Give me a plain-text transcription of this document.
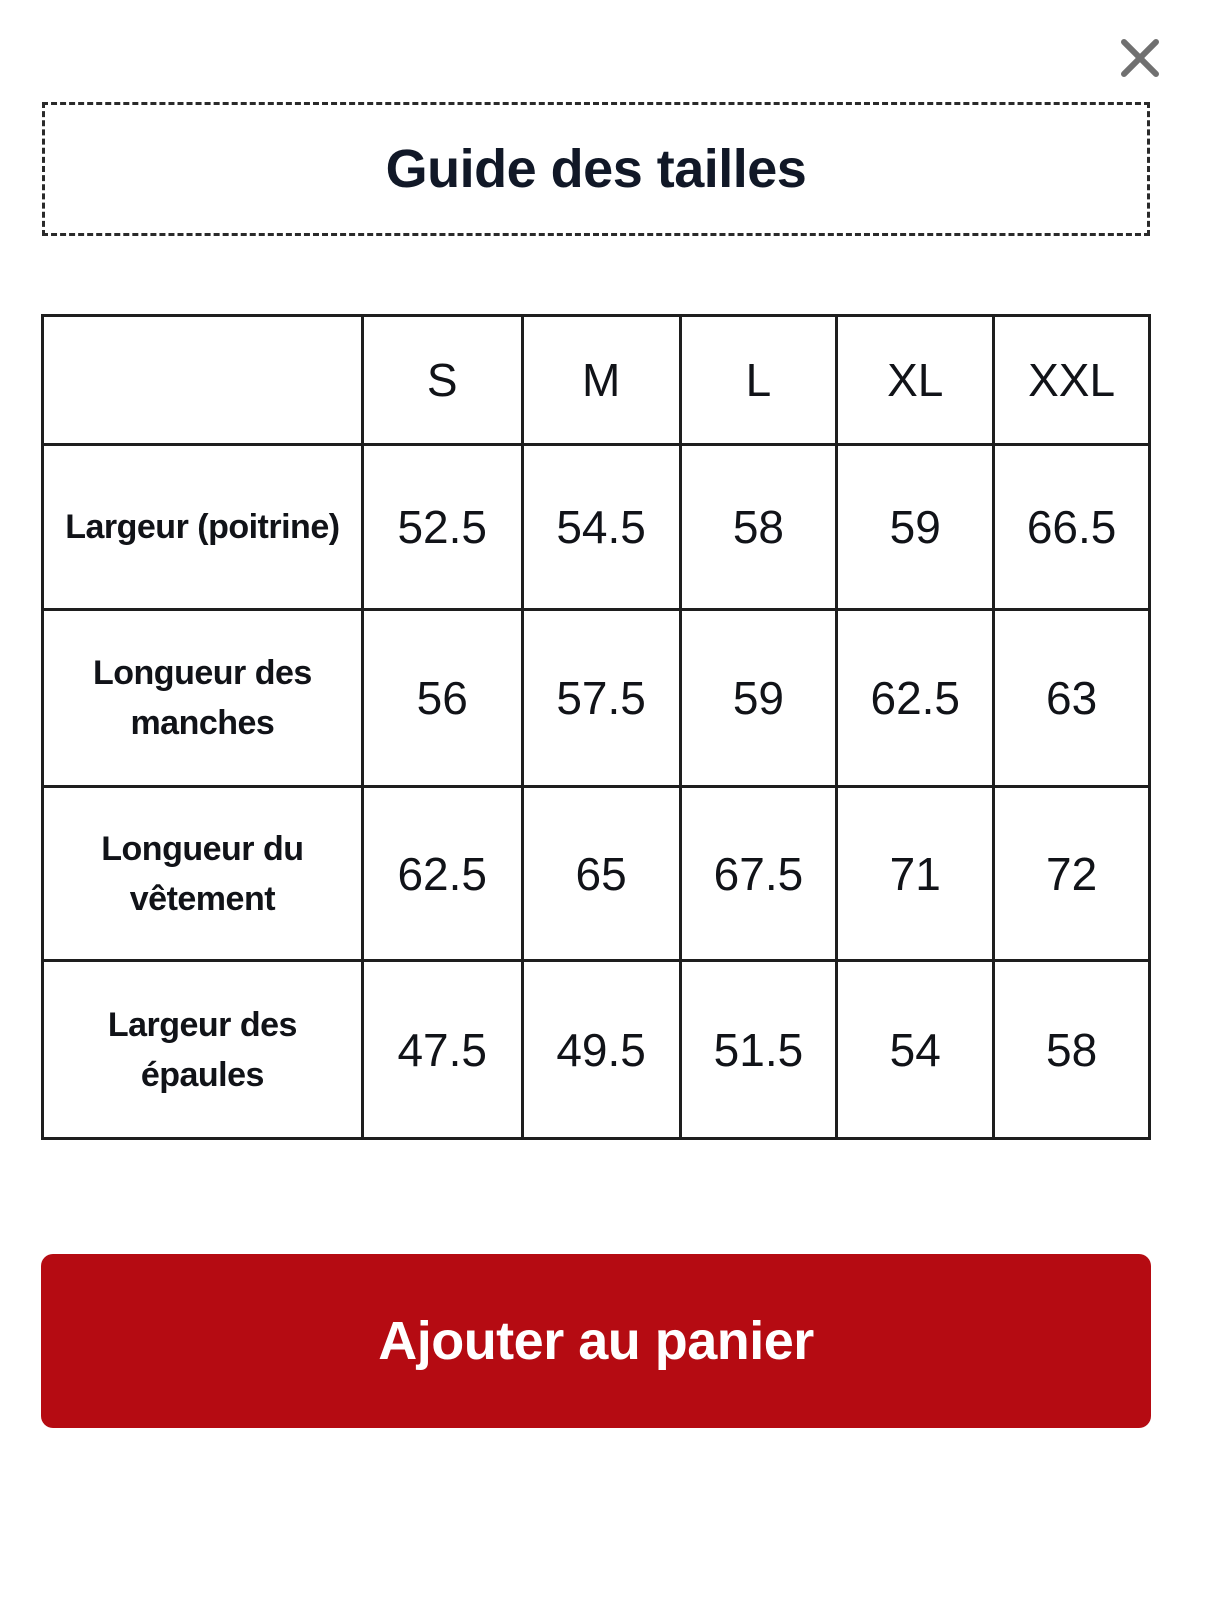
Guide des tailles
	S	M	L	XL	XXL
Largeur (poitrine)	52.5	54.5	58	59	66.5
Longueur des manches	56	57.5	59	62.5	63
Longueur du vêtement	62.5	65	67.5	71	72
Largeur des épaules	47.5	49.5	51.5	54	58
Ajouter au panier
